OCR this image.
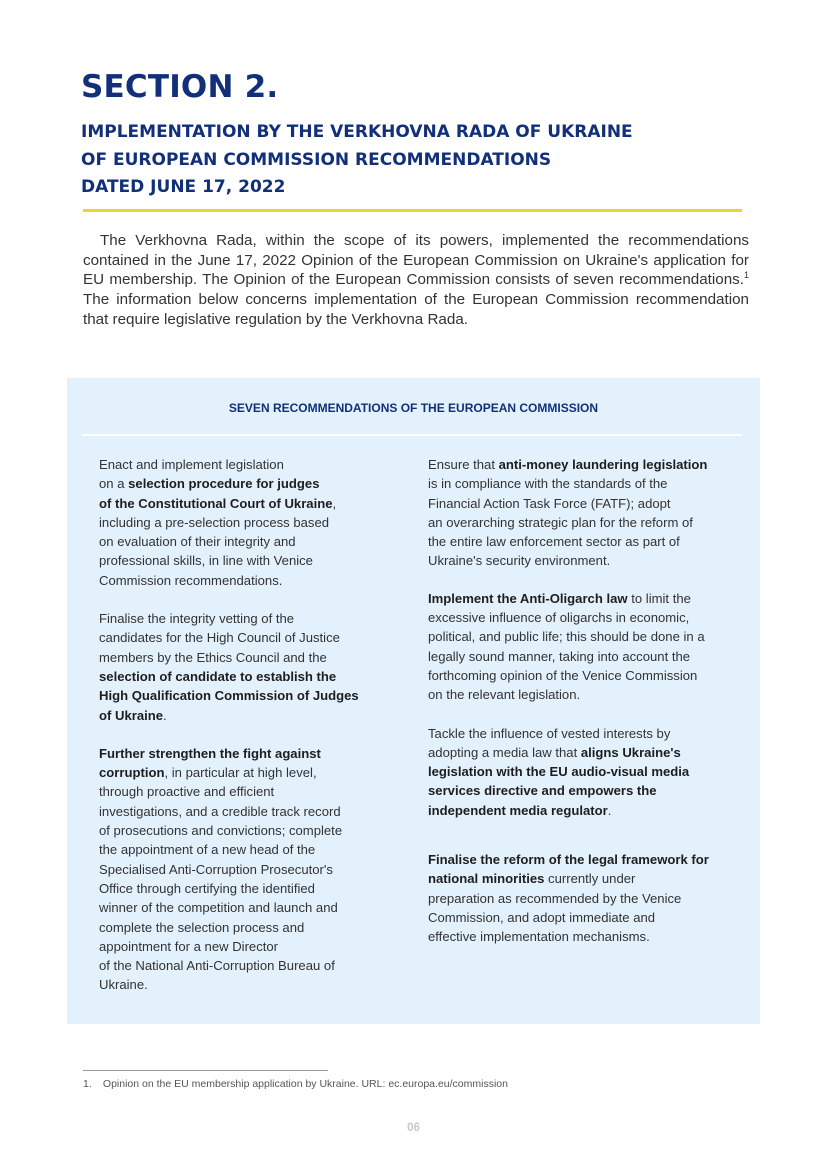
SECTION 2.
IMPLEMENTATION BY THE VERKHOVNA RADA OF UKRAINE
OF EUROPEAN COMMISSION RECOMMENDATIONS
DATED JUNE 17, 2022

The Verkhovna Rada, within the scope of its powers, implemented the recommendations contained in the June 17, 2022 Opinion of the European Commission on Ukraine's application for EU membership. The Opinion of the European Commission consists of seven recommendations.$^1$ The information below concerns implementation of the European Commission recommendation that require legislative regulation by the Verkhovna Rada.

SEVEN RECOMMENDATIONS OF THE EUROPEAN COMMISSION

Enact and implement legislation
on a selection procedure for judges
of the Constitutional Court of Ukraine,
including a pre-selection process based
on evaluation of their integrity and
professional skills, in line with Venice
Commission recommendations.

Finalise the integrity vetting of the
candidates for the High Council of Justice
members by the Ethics Council and the
selection of candidate to establish the
High Qualification Commission of Judges
of Ukraine.

Further strengthen the fight against
corruption, in particular at high level,
through proactive and efficient
investigations, and a credible track record
of prosecutions and convictions; complete
the appointment of a new head of the
Specialised Anti-Corruption Prosecutor's
Office through certifying the identified
winner of the competition and launch and
complete the selection process and
appointment for a new Director
of the National Anti-Corruption Bureau of
Ukraine.

Ensure that anti-money laundering legislation
is in compliance with the standards of the
Financial Action Task Force (FATF); adopt
an overarching strategic plan for the reform of
the entire law enforcement sector as part of
Ukraine's security environment.

Implement the Anti-Oligarch law to limit the
excessive influence of oligarchs in economic,
political, and public life; this should be done in a
legally sound manner, taking into account the
forthcoming opinion of the Venice Commission
on the relevant legislation.

Tackle the influence of vested interests by
adopting a media law that aligns Ukraine's
legislation with the EU audio-visual media
services directive and empowers the
independent media regulator.

Finalise the reform of the legal framework for
national minorities currently under
preparation as recommended by the Venice
Commission, and adopt immediate and
effective implementation mechanisms.

1. Opinion on the EU membership application by Ukraine. URL: ec.europa.eu/commission
06
